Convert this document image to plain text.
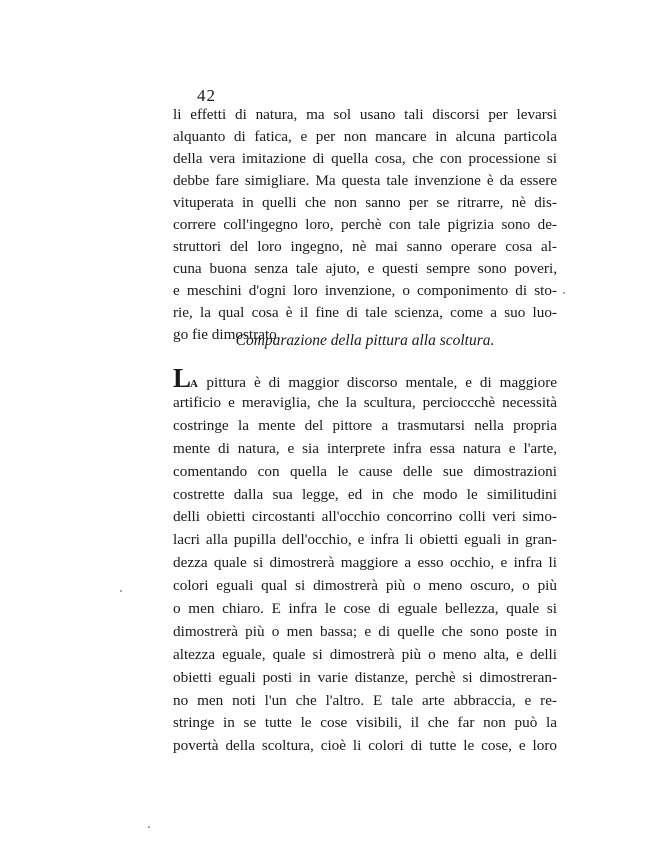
42
li effetti di natura, ma sol usano tali discorsi per levarsi
alquanto di fatica, e per non mancare in alcuna particola
della vera imitazione di quella cosa, che con processione si
debbe fare simigliare. Ma questa tale invenzione è da essere
vituperata in quelli che non sanno per se ritrarre, nè dis-
correre coll'ingegno loro, perchè con tale pigrizia sono de-
struttori del loro ingegno, nè mai sanno operare cosa al-
cuna buona senza tale ajuto, e questi sempre sono poveri,
e meschini d'ogni loro invenzione, o componimento di sto-
rie, la qual cosa è il fine di tale scienza, come a suo luo-
go fie dimostrato.
Comparazione della pittura alla scoltura.
LA pittura è di maggior discorso mentale, e di maggiore
artificio e meraviglia, che la scultura, percioccchè necessità
costringe la mente del pittore a trasmutarsi nella propria
mente di natura, e sia interprete infra essa natura e l'arte,
comentando con quella le cause delle sue dimostrazioni
costrette dalla sua legge, ed in che modo le similitudini
delli obietti circostanti all'occhio concorrino colli veri simo-
lacri alla pupilla dell'occhio, e infra li obietti eguali in gran-
dezza quale si dimostrerà maggiore a esso occhio, e infra li
colori eguali qual si dimostrerà più o meno oscuro, o più
o men chiaro. E infra le cose di eguale bellezza, quale si
dimostrerà più o men bassa; e di quelle che sono poste in
altezza eguale, quale si dimostrerà più o meno alta, e delli
obietti eguali posti in varie distanze, perchè si dimostreran-
no men noti l'un che l'altro. E tale arte abbraccia, e re-
stringe in se tutte le cose visibili, il che far non può la
povertà della scoltura, cioè li colori di tutte le cose, e loro
